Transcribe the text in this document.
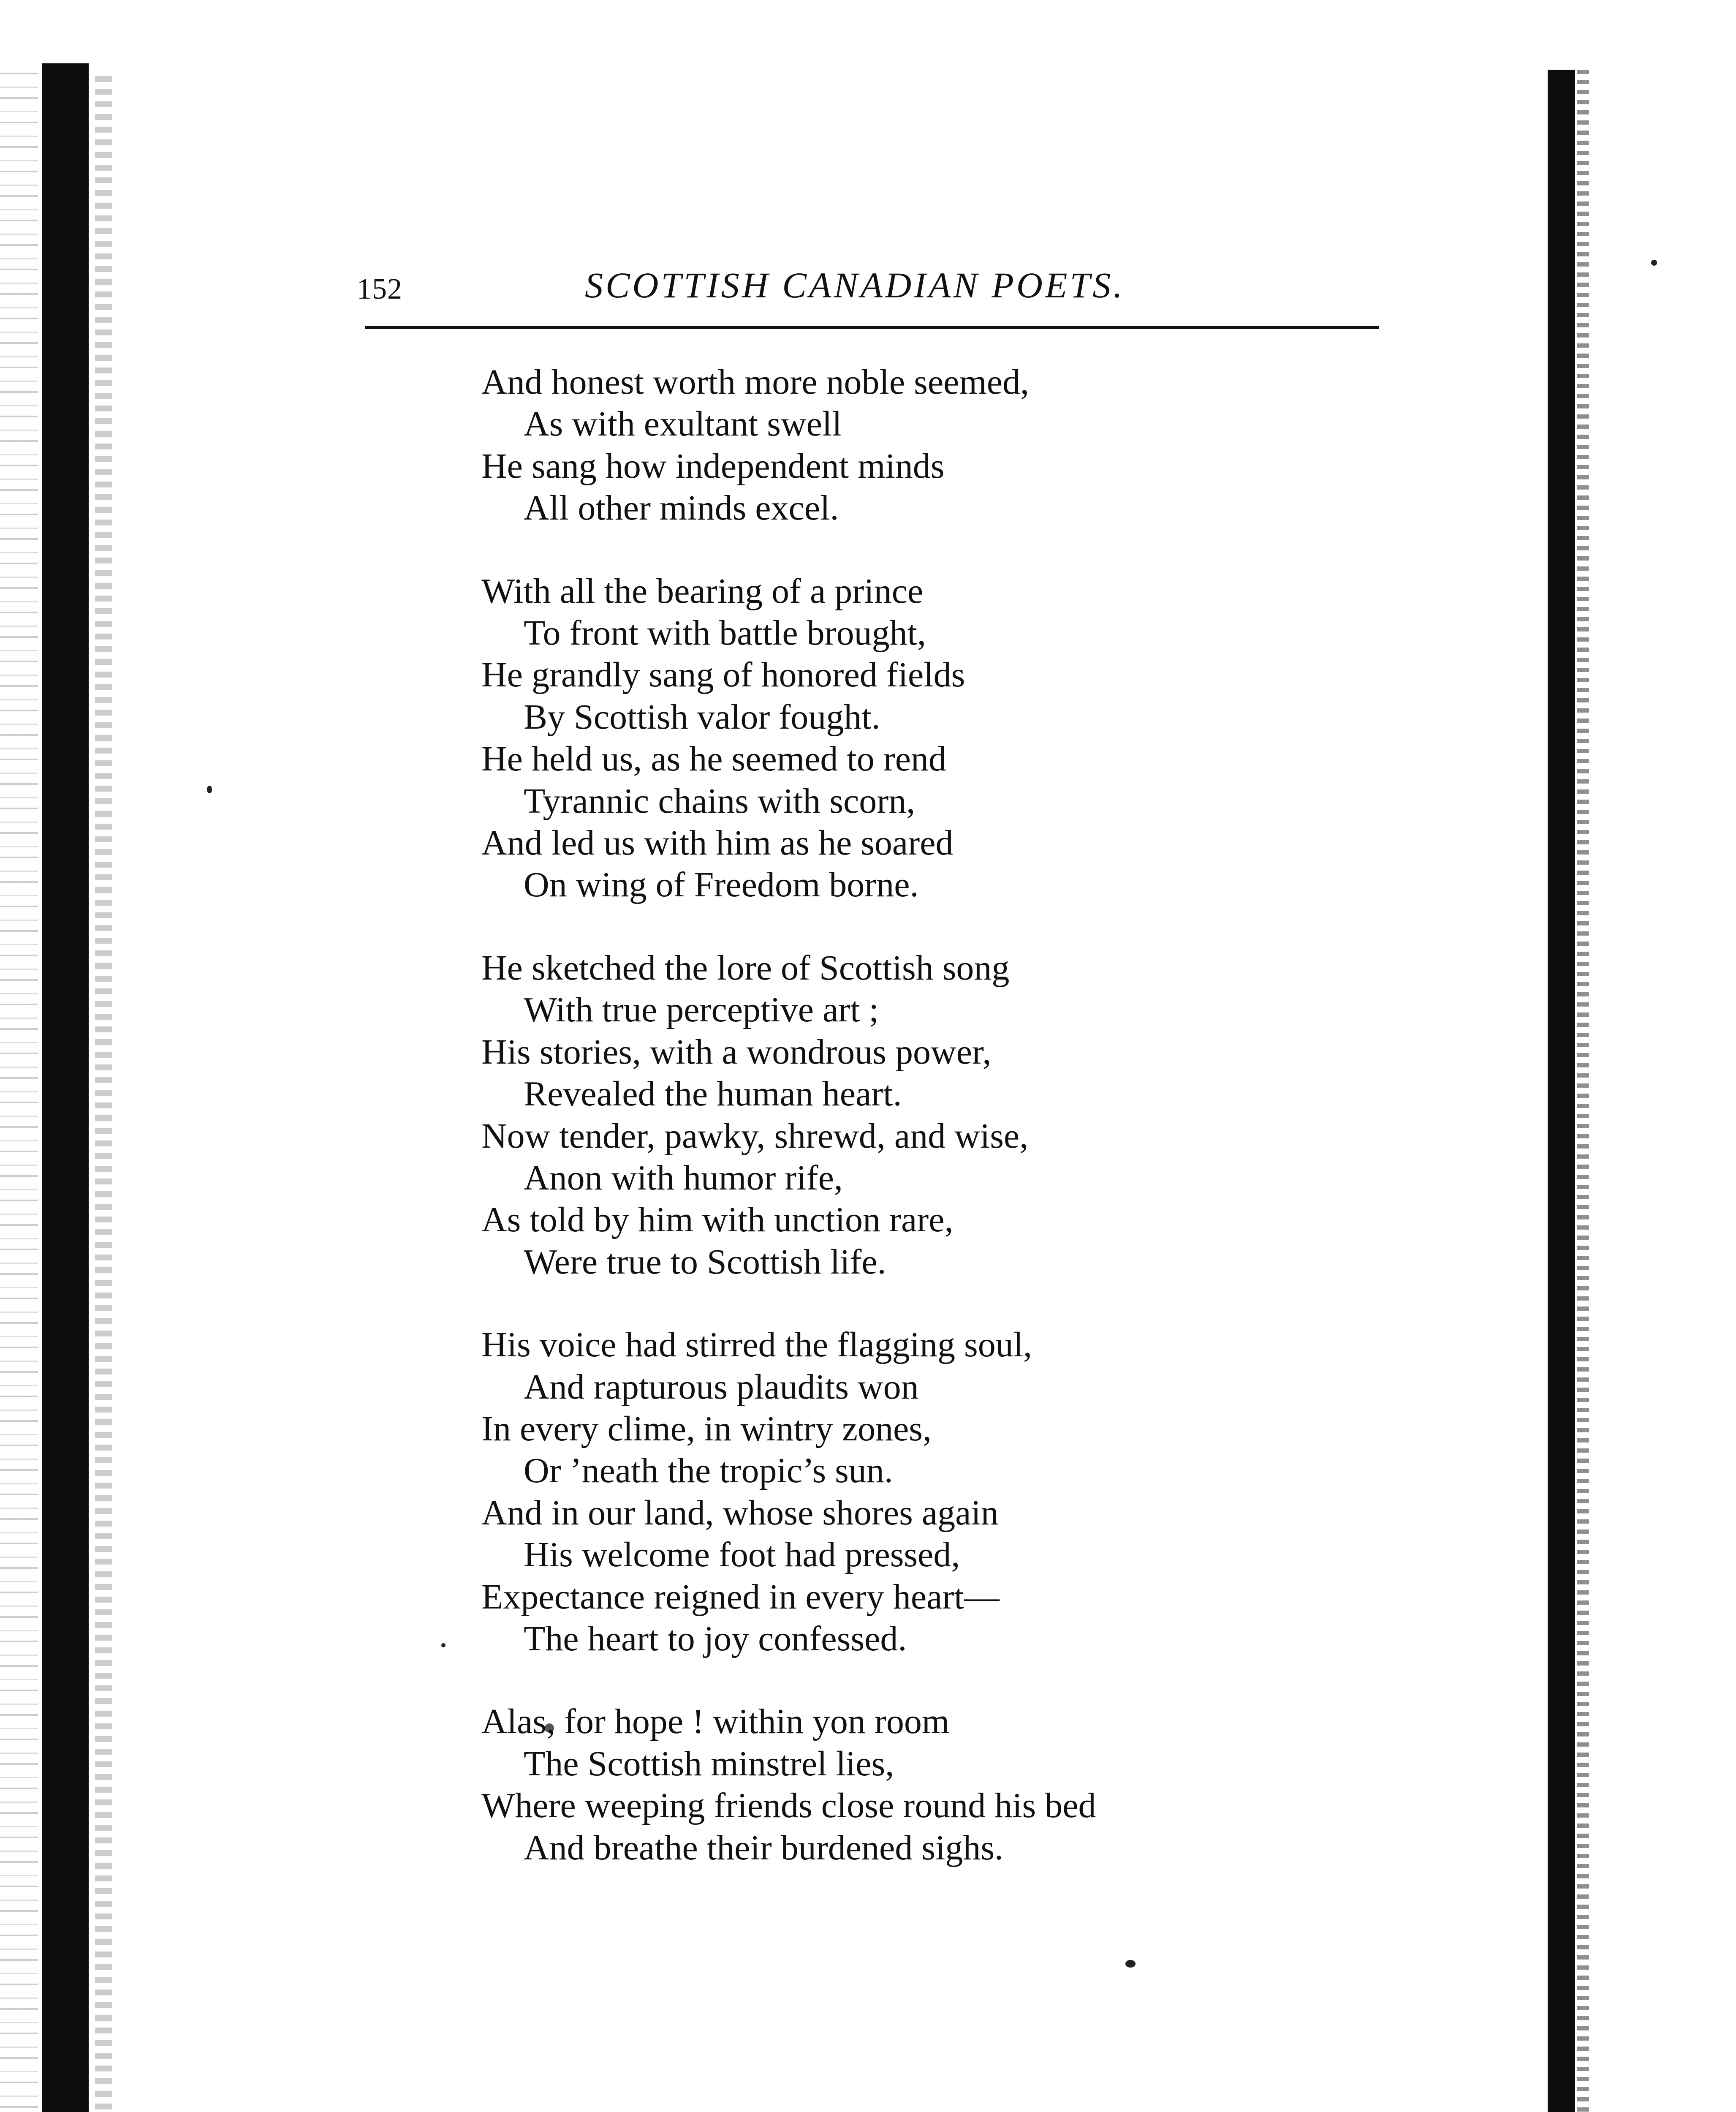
152	SCOTTISH CANADIAN POETS.
And honest worth more noble seemed,
As with exultant swell
He sang how independent minds
All other minds excel.
With all the bearing of a prince
To front with battle brought,
He grandly sang of honored fields
By Scottish valor fought.
He held us, as he seemed to rend
Tyrannic chains with scorn,
And led us with him as he soared
On wing of Freedom borne.
He sketched the lore of Scottish song
With true perceptive art ;
His stories, with a wondrous power,
Revealed the human heart.
Now tender, pawky, shrewd, and wise,
Anon with humor rife,
As told by him with unction rare,
Were true to Scottish life.
His voice had stirred the flagging soul,
And rapturous plaudits won
In every clime, in wintry zones,
Or ’neath the tropic’s sun.
And in our land, whose shores again
His welcome foot had pressed,
Expectance reigned in every heart—
The heart to joy confessed.
Alas, for hope ! within yon room
The Scottish minstrel lies,
Where weeping friends close round his bed
And breathe their burdened sighs.
